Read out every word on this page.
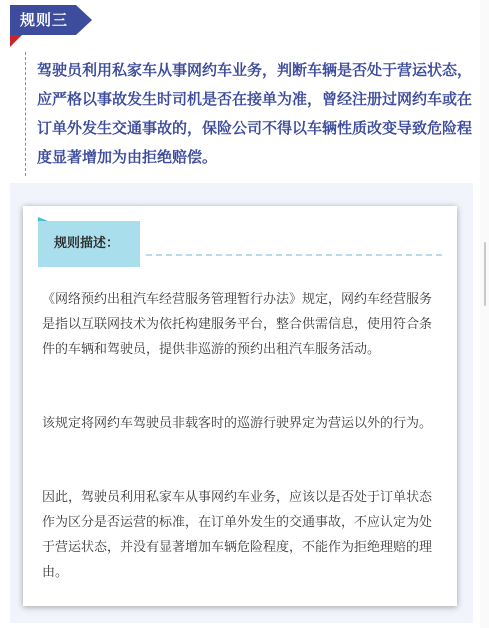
规则三

驾驶员利用私家车从事网约车业务，判断车辆是否处于营运状态，应严格以事故发生时司机是否在接单为准，曾经注册过网约车或在订单外发生交通事故的，保险公司不得以车辆性质改变导致危险程度显著增加为由拒绝赔偿。

规则描述：

《网络预约出租汽车经营服务管理暂行办法》规定，网约车经营服务是指以互联网技术为依托构建服务平台，整合供需信息，使用符合条件的车辆和驾驶员，提供非巡游的预约出租汽车服务活动。

该规定将网约车驾驶员非载客时的巡游行驶界定为营运以外的行为。

因此，驾驶员利用私家车从事网约车业务，应该以是否处于订单状态作为区分是否运营的标准，在订单外发生的交通事故，不应认定为处于营运状态，并没有显著增加车辆危险程度，不能作为拒绝理赔的理由。
